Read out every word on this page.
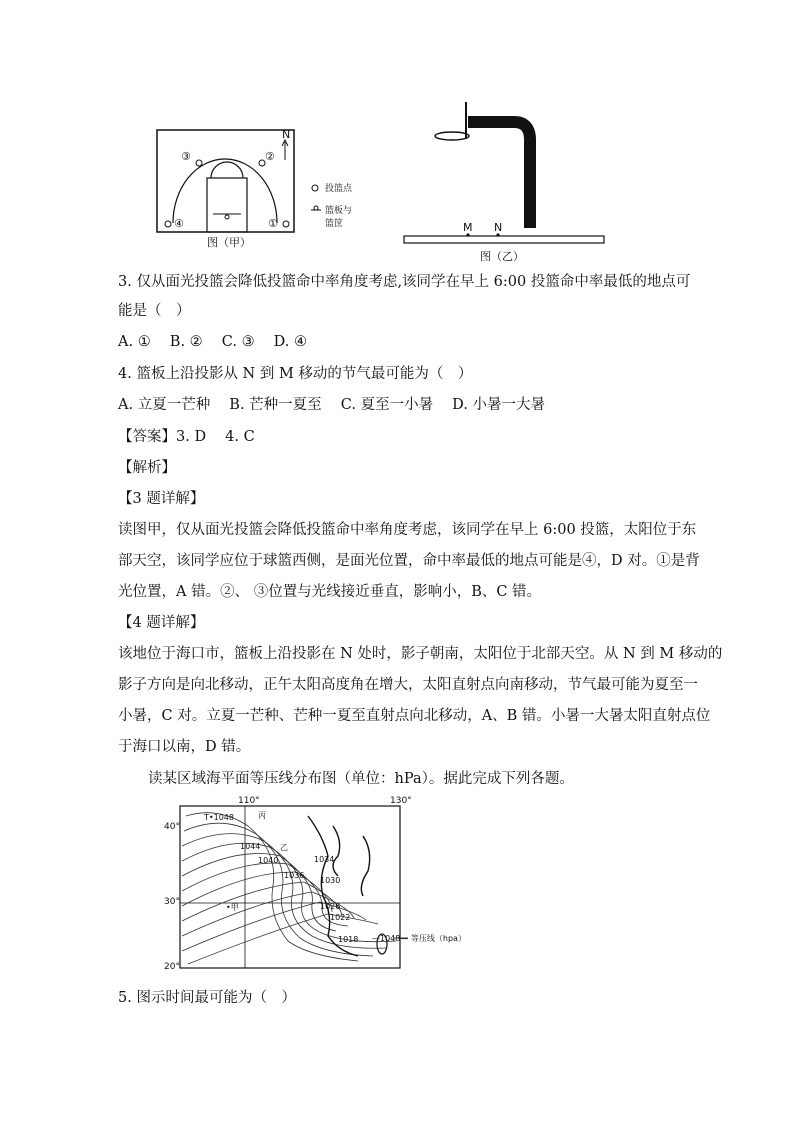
N
③	②
④	①
投篮点
篮板与篮筐
图（甲）
M N
图（乙）
3. 仅从面光投篮会降低投篮命中率角度考虑,该同学在早上 6:00 投篮命中率最低的地点可
能是（　）
A. ①　 B. ②　 C. ③　 D. ④
4. 篮板上沿投影从 N 到 M 移动的节气最可能为（　）
A. 立夏一芒种　 B. 芒种一夏至　 C. 夏至一小暑　 D. 小暑一大暑
【答案】3. D　 4. C
【解析】
【3 题详解】
读图甲，仅从面光投篮会降低投篮命中率角度考虑，该同学在早上 6:00 投篮，太阳位于东
部天空，该同学应位于球篮西侧，是面光位置，命中率最低的地点可能是④，D 对。①是背
光位置，A 错。②、 ③位置与光线接近垂直，影响小，B、C 错。
【4 题详解】
该地位于海口市，篮板上沿投影在 N 处时，影子朝南，太阳位于北部天空。从 N 到 M 移动的
影子方向是向北移动，正午太阳高度角在增大，太阳直射点向南移动，节气最可能为夏至一
小暑，C 对。立夏一芒种、芒种一夏至直射点向北移动，A、B 错。小暑一大暑太阳直射点位
于海口以南，D 错。
读某区域海平面等压线分布图（单位：hPa）。据此完成下列各题。
110°	130°
40°
30°
20°
T•1048
1044
1040
乙
1036
1034
1030
1026
1022
1018
•甲
丙
—1048— 等压线（hpa）
5. 图示时间最可能为（　）
